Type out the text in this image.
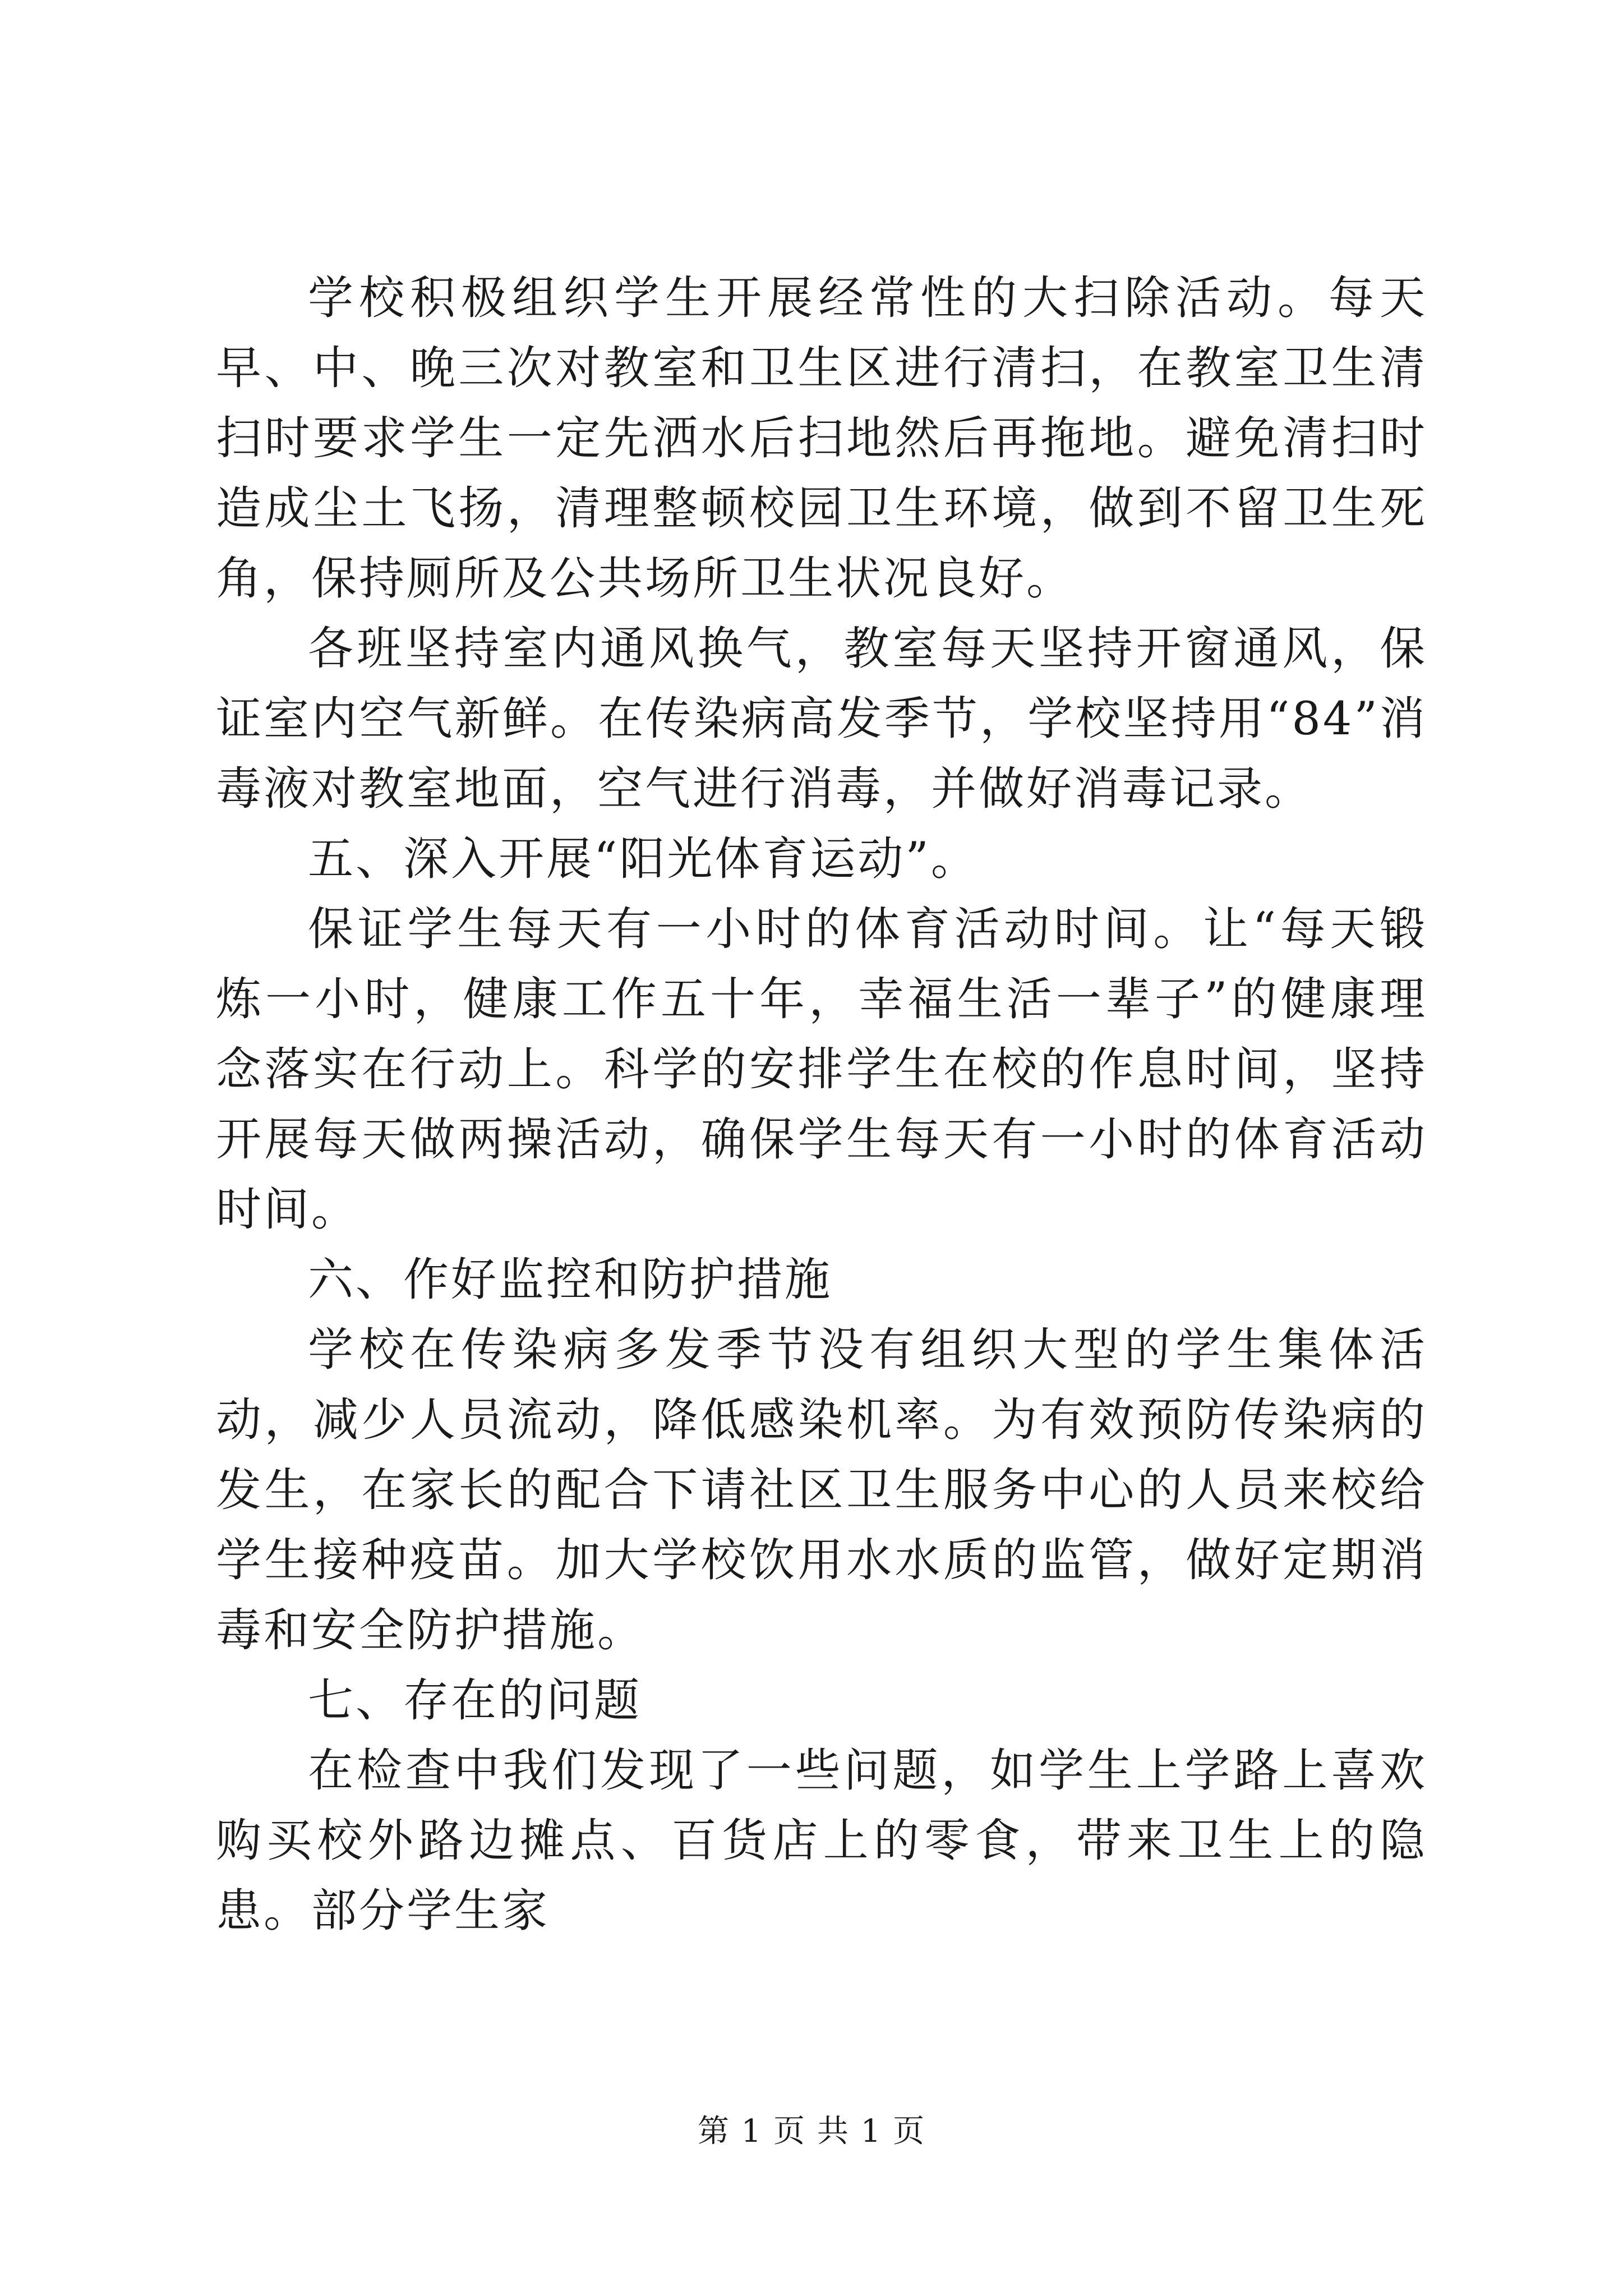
学校积极组织学生开展经常性的大扫除活动。每天早、中、晚三次对教室和卫生区进行清扫，在教室卫生清扫时要求学生一定先洒水后扫地然后再拖地。避免清扫时造成尘土飞扬，清理整顿校园卫生环境，做到不留卫生死角，保持厕所及公共场所卫生状况良好。

各班坚持室内通风换气，教室每天坚持开窗通风，保证室内空气新鲜。在传染病高发季节，学校坚持用“84”消毒液对教室地面，空气进行消毒，并做好消毒记录。

五、深入开展“阳光体育运动”。

保证学生每天有一小时的体育活动时间。让“每天锻炼一小时，健康工作五十年，幸福生活一辈子”的健康理念落实在行动上。科学的安排学生在校的作息时间，坚持开展每天做两操活动，确保学生每天有一小时的体育活动时间。

六、作好监控和防护措施

学校在传染病多发季节没有组织大型的学生集体活动，减少人员流动，降低感染机率。为有效预防传染病的发生，在家长的配合下请社区卫生服务中心的人员来校给学生接种疫苗。加大学校饮用水水质的监管，做好定期消毒和安全防护措施。

七、存在的问题

在检查中我们发现了一些问题，如学生上学路上喜欢购买校外路边摊点、百货店上的零食，带来卫生上的隐患。部分学生家

第 1 页 共 1 页
